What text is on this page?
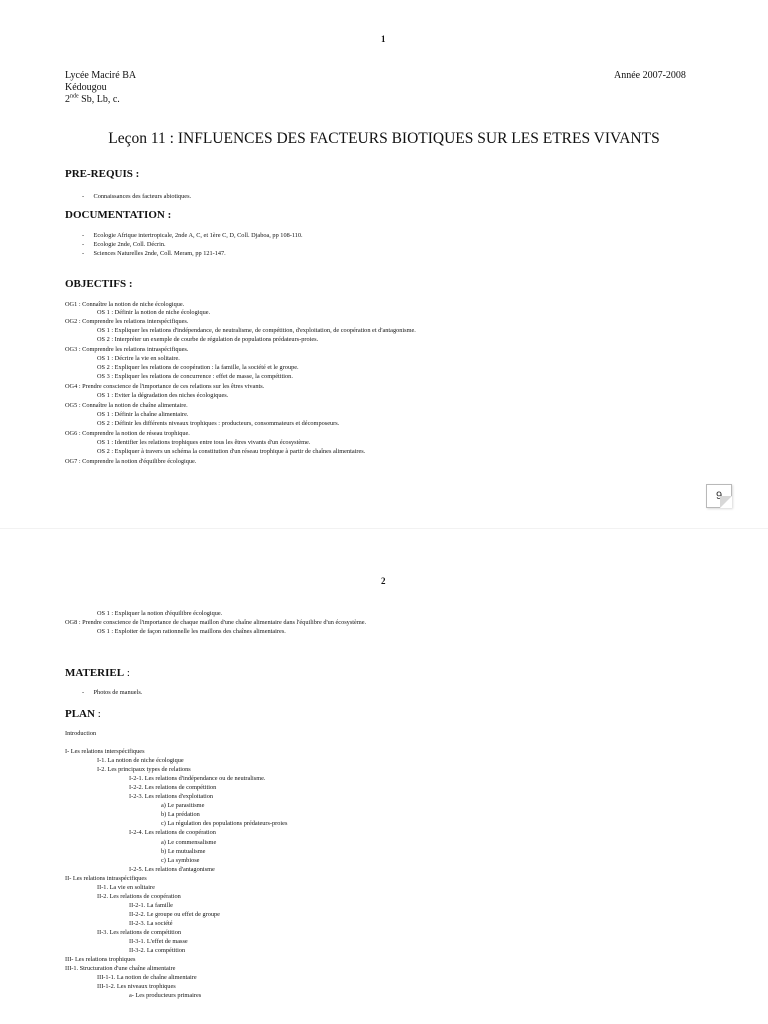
1
Lycée Maciré BA
Kédougou
2nde Sb, Lb, c.
Année 2007-2008
Leçon 11 : INFLUENCES DES FACTEURS BIOTIQUES SUR LES ETRES VIVANTS
PRE-REQUIS :
-      Connaissances des facteurs abiotiques.
DOCUMENTATION :
-      Ecologie Afrique intertropicale, 2nde A, C, et 1ère C, D, Coll. Djaboa, pp 108-110.
-      Ecologie 2nde, Coll. Décrin.
-      Sciences Naturelles 2nde, Coll. Meram, pp 121-147.
OBJECTIFS :
OG1 : Connaître la notion de niche écologique.
OS 1 : Définir la notion de niche écologique.
OG2 : Comprendre les relations interspécifiques.
OS 1 : Expliquer les relations d'indépendance, de neutralisme, de compétition, d'exploitation, de coopération et d'antagonisme.
OS 2 : Interpréter un exemple de courbe de régulation de populations prédateurs-proies.
OG3 : Comprendre les relations intraspécifiques.
OS 1 : Décrire la vie en solitaire.
OS 2 : Expliquer les relations de coopération : la famille, la société et le groupe.
OS 3 : Expliquer les relations de concurrence : effet de masse, la compétition.
OG4 : Prendre conscience de l'importance de ces relations sur les êtres vivants.
OS 1 : Eviter la dégradation des niches écologiques.
OG5 : Connaître la notion de chaîne alimentaire.
OS 1 : Définir la chaîne alimentaire.
OS 2 : Définir les différents niveaux trophiques : producteurs, consommateurs et décomposeurs.
OG6 : Comprendre la notion de réseau trophique.
OS 1 : Identifier les relations trophiques entre tous les êtres vivants d'un écosystème.
OS 2 : Expliquer à travers un schéma la constitution d'un réseau trophique à partir de chaînes alimentaires.
OG7 : Comprendre la notion d'équilibre écologique.
9
2
OS 1 : Expliquer la notion d'équilibre écologique.
OG8 : Prendre conscience de l'importance de chaque maillon d'une chaîne alimentaire dans l'équilibre d'un écosystème.
OS 1 : Exploiter de façon rationnelle les maillons des chaînes alimentaires.
MATERIEL :
-      Photos de manuels.
PLAN :
Introduction
I- Les relations interspécifiques
I-1. La notion de niche écologique
I-2. Les principaux types de relations
I-2-1. Les relations d'indépendance ou de neutralisme.
I-2-2. Les relations de compétition
I-2-3. Les relations d'exploitation
a) Le parasitisme
b) La prédation
c) La régulation des populations prédateurs-proies
I-2-4. Les relations de coopération
a) Le commensalisme
b) Le mutualisme
c) La symbiose
I-2-5. Les relations d'antagonisme
II- Les relations intraspécifiques
II-1. La vie en solitaire
II-2. Les relations de coopération
II-2-1. La famille
II-2-2. Le groupe ou effet de groupe
II-2-3. La société
II-3. Les relations de compétition
II-3-1. L'effet de masse
II-3-2. La compétition
III- Les relations trophiques
III-1. Structuration d'une chaîne alimentaire
III-1-1. La notion de chaîne alimentaire
III-1-2. Les niveaux trophiques
a- Les producteurs primaires
